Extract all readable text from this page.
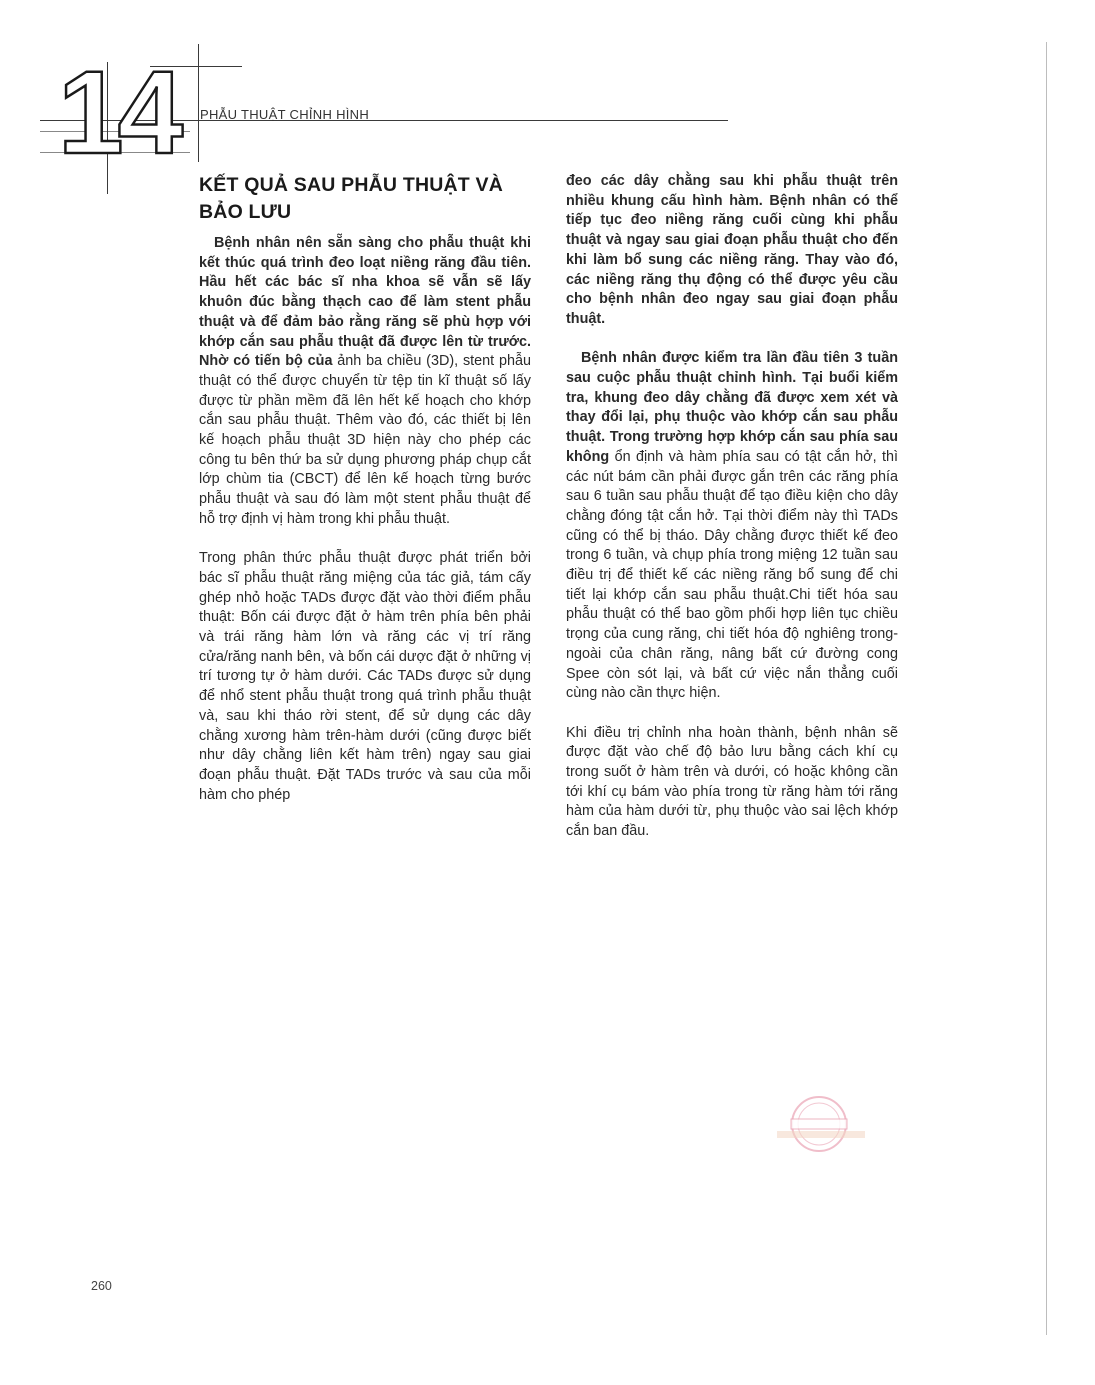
14 PHẪU THUẬT CHỈNH HÌNH
KẾT QUẢ SAU PHẪU THUẬT VÀ BẢO LƯU

Bệnh nhân nên sẵn sàng cho phẫu thuật khi kết thúc quá trình đeo loạt niềng răng đầu tiên. Hầu hết các bác sĩ nha khoa sẽ vẫn sẽ lấy khuôn đúc bằng thạch cao để làm stent phẫu thuật và để đảm bảo rằng răng sẽ phù hợp với khớp cắn sau phẫu thuật đã được lên từ trước. Nhờ có tiến bộ của ảnh ba chiều (3D), stent phẫu thuật có thể được chuyển từ tệp tin kĩ thuật số lấy được từ phần mềm đã lên hết kế hoạch cho khớp cắn sau phẫu thuật. Thêm vào đó, các thiết bị lên kế hoạch phẫu thuật 3D hiện này cho phép các công tu bên thứ ba sử dụng phương pháp chụp cắt lớp chùm tia (CBCT) để lên kế hoạch từng bước phẫu thuật và sau đó làm một stent phẫu thuật để hỗ trợ định vị hàm trong khi phẫu thuật.

Trong phân thức phẫu thuật được phát triển bởi bác sĩ phẫu thuật răng miệng của tác giả, tám cấy ghép nhỏ hoặc TADs được đặt vào thời điểm phẫu thuật: Bốn cái được đặt ở hàm trên phía bên phải và trái răng hàm lớn và răng các vị trí răng cửa/răng nanh bên, và bốn cái dược đặt ở những vị trí tương tự ở hàm dưới. Các TADs được sử dụng để nhổ stent phẫu thuật trong quá trình phẫu thuật và, sau khi tháo rời stent, để sử dụng các dây chằng xương hàm trên-hàm dưới (cũng được biết như dây chằng liên kết hàm trên) ngay sau giai đoạn phẫu thuật. Đặt TADs trước và sau của mỗi hàm cho phép

đeo các dây chằng sau khi phẫu thuật trên nhiều khung cấu hình hàm. Bệnh nhân có thể tiếp tục đeo niềng răng cuối cùng khi phẫu thuật và ngay sau giai đoạn phẫu thuật cho đến khi làm bổ sung các niềng răng. Thay vào đó, các niềng răng thụ động có thể được yêu cầu cho bệnh nhân đeo ngay sau giai đoạn phẫu thuật.

Bệnh nhân được kiểm tra lần đầu tiên 3 tuần sau cuộc phẫu thuật chỉnh hình. Tại buổi kiểm tra, khung đeo dây chằng đã được xem xét và thay đổi lại, phụ thuộc vào khớp cắn sau phẫu thuật. Trong trường hợp khớp cắn sau phía sau không ổn định và hàm phía sau có tật cắn hở, thì các nút bám cần phải được gắn trên các răng phía sau 6 tuần sau phẫu thuật để tạo điều kiện cho dây chằng đóng tật cắn hở. Tại thời điểm này thì TADs cũng có thể bị tháo. Dây chằng được thiết kế đeo trong 6 tuần, và chụp phía trong miệng 12 tuần sau điều trị để thiết kế các niềng răng bổ sung để chi tiết lại khớp cắn sau phẫu thuật.Chi tiết hóa sau phẫu thuật có thể bao gồm phối hợp liên tục chiều trọng của cung răng, chi tiết hóa độ nghiêng trong-ngoài của chân răng, nâng bất cứ đường cong Spee còn sót lại, và bất cứ việc nắn thẳng cuối cùng nào cần thực hiện.

Khi điều trị chỉnh nha hoàn thành, bệnh nhân sẽ được đặt vào chế độ bảo lưu bằng cách khí cụ trong suốt ở hàm trên và dưới, có hoặc không cần tới khí cụ bám vào phía trong từ răng hàm tới răng hàm của hàm dưới từ, phụ thuộc vào sai lệch khớp cắn ban đầu.

260
